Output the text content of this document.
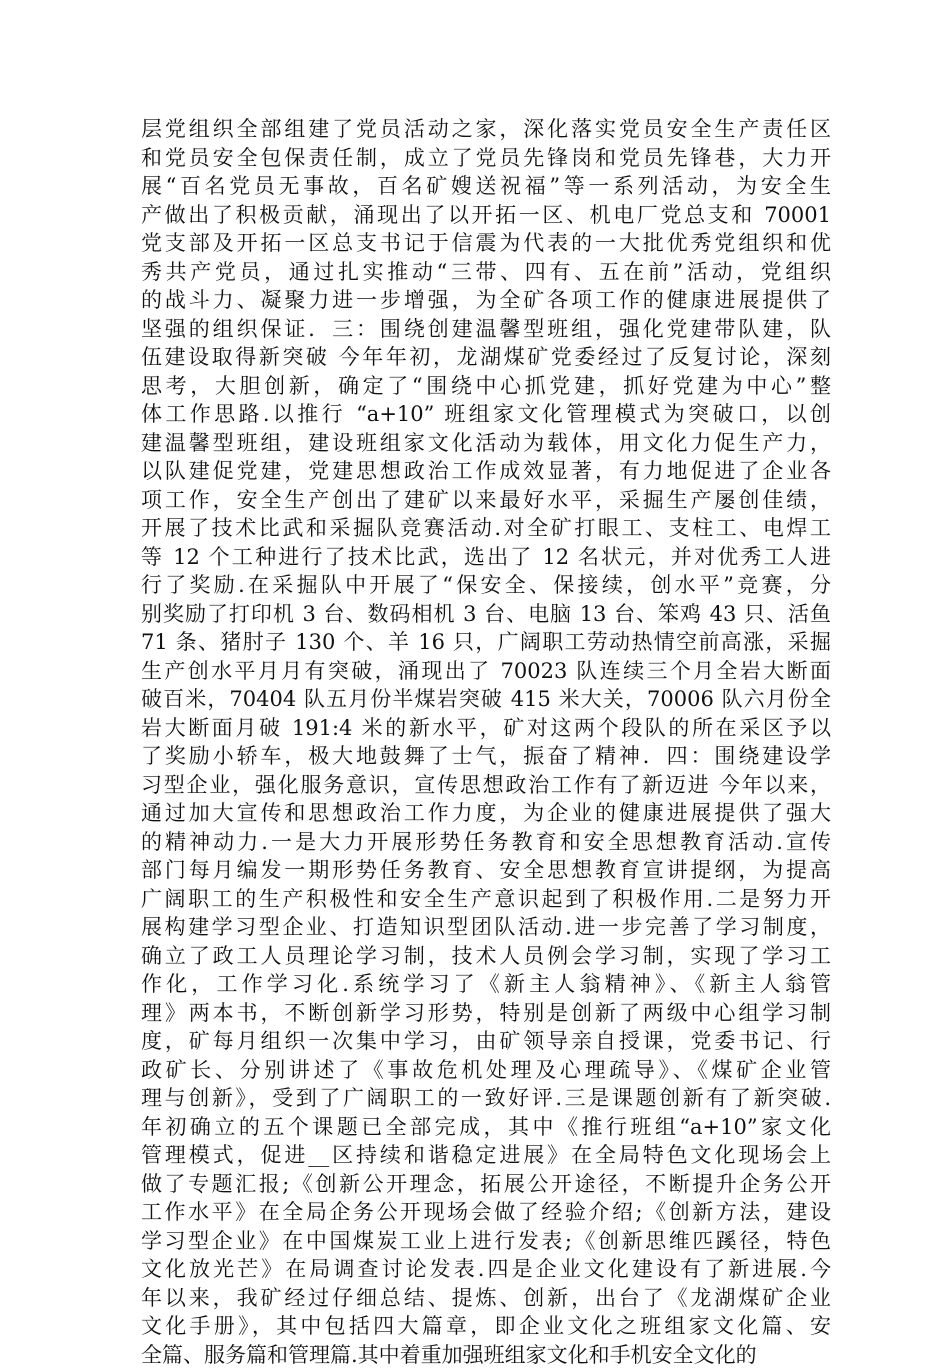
层党组织全部组建了党员活动之家，深化落实党员安全生产责任区
和党员安全包保责任制，成立了党员先锋岗和党员先锋巷，大力开
展“百名党员无事故，百名矿嫂送祝福”等一系列活动，为安全生
产做出了积极贡献，涌现出了以开拓一区、机电厂党总支和 70001
党支部及开拓一区总支书记于信震为代表的一大批优秀党组织和优
秀共产党员，通过扎实推动“三带、四有、五在前”活动，党组织
的战斗力、凝聚力进一步增强，为全矿各项工作的健康进展提供了
坚强的组织保证．三：围绕创建温馨型班组，强化党建带队建，队
伍建设取得新突破 今年年初，龙湖煤矿党委经过了反复讨论，深刻
思考，大胆创新，确定了“围绕中心抓党建，抓好党建为中心”整
体工作思路.以推行 “a+10” 班组家文化管理模式为突破口，以创
建温馨型班组，建设班组家文化活动为载体，用文化力促生产力，
以队建促党建，党建思想政治工作成效显著，有力地促进了企业各
项工作，安全生产创出了建矿以来最好水平，采掘生产屡创佳绩，
开展了技术比武和采掘队竞赛活动.对全矿打眼工、支柱工、电焊工
等 12 个工种进行了技术比武，选出了 12 名状元，并对优秀工人进
行了奖励.在采掘队中开展了“保安全、保接续，创水平”竞赛，分
别奖励了打印机 3 台、数码相机 3 台、电脑 13 台、笨鸡 43 只、活鱼
71 条、猪肘子 130 个、羊 16 只，广阔职工劳动热情空前高涨，采掘
生产创水平月月有突破，涌现出了 70023 队连续三个月全岩大断面
破百米，70404 队五月份半煤岩突破 415 米大关，70006 队六月份全
岩大断面月破 191:4 米的新水平，矿对这两个段队的所在采区予以
了奖励小轿车，极大地鼓舞了士气，振奋了精神．四：围绕建设学
习型企业，强化服务意识，宣传思想政治工作有了新迈进 今年以来，
通过加大宣传和思想政治工作力度，为企业的健康进展提供了强大
的精神动力.一是大力开展形势任务教育和安全思想教育活动.宣传
部门每月编发一期形势任务教育、安全思想教育宣讲提纲，为提高
广阔职工的生产积极性和安全生产意识起到了积极作用.二是努力开
展构建学习型企业、打造知识型团队活动.进一步完善了学习制度，
确立了政工人员理论学习制，技术人员例会学习制，实现了学习工
作化，工作学习化.系统学习了《新主人翁精神》、《新主人翁管
理》两本书，不断创新学习形势，特别是创新了两级中心组学习制
度，矿每月组织一次集中学习，由矿领导亲自授课，党委书记、行
政矿长、分别讲述了《事故危机处理及心理疏导》、《煤矿企业管
理与创新》，受到了广阔职工的一致好评.三是课题创新有了新突破.
年初确立的五个课题已全部完成，其中《推行班组“a+10”家文化
管理模式，促进__区持续和谐稳定进展》在全局特色文化现场会上
做了专题汇报;《创新公开理念，拓展公开途径，不断提升企务公开
工作水平》在全局企务公开现场会做了经验介绍;《创新方法，建设
学习型企业》在中国煤炭工业上进行发表;《创新思维匹蹊径，特色
文化放光芒》在局调查讨论发表.四是企业文化建设有了新进展.今
年以来，我矿经过仔细总结、提炼、创新，出台了《龙湖煤矿企业
文化手册》，其中包括四大篇章，即企业文化之班组家文化篇、安
全篇、服务篇和管理篇.其中着重加强班组家文化和手机安全文化的
